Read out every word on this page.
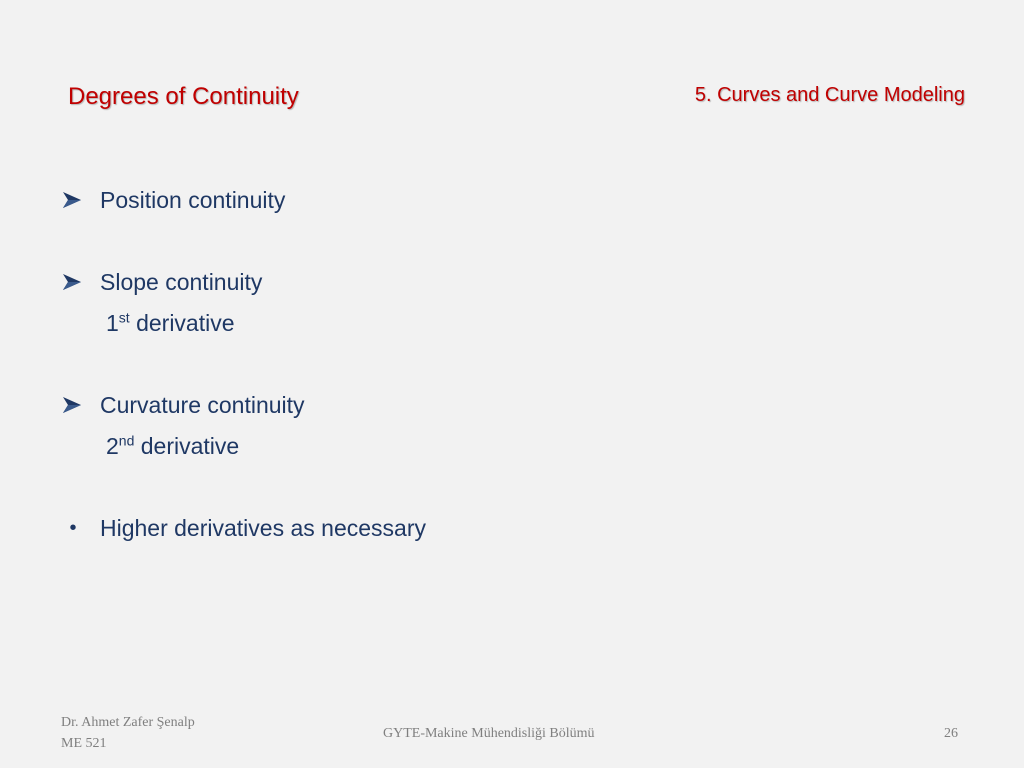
Degrees of Continuity	5. Curves and Curve Modeling
Position continuity
Slope continuity
1st derivative
Curvature continuity
2nd derivative
•	Higher derivatives as necessary
Dr. Ahmet Zafer Şenalp
ME 521
GYTE-Makine Mühendisliği Bölümü	26
